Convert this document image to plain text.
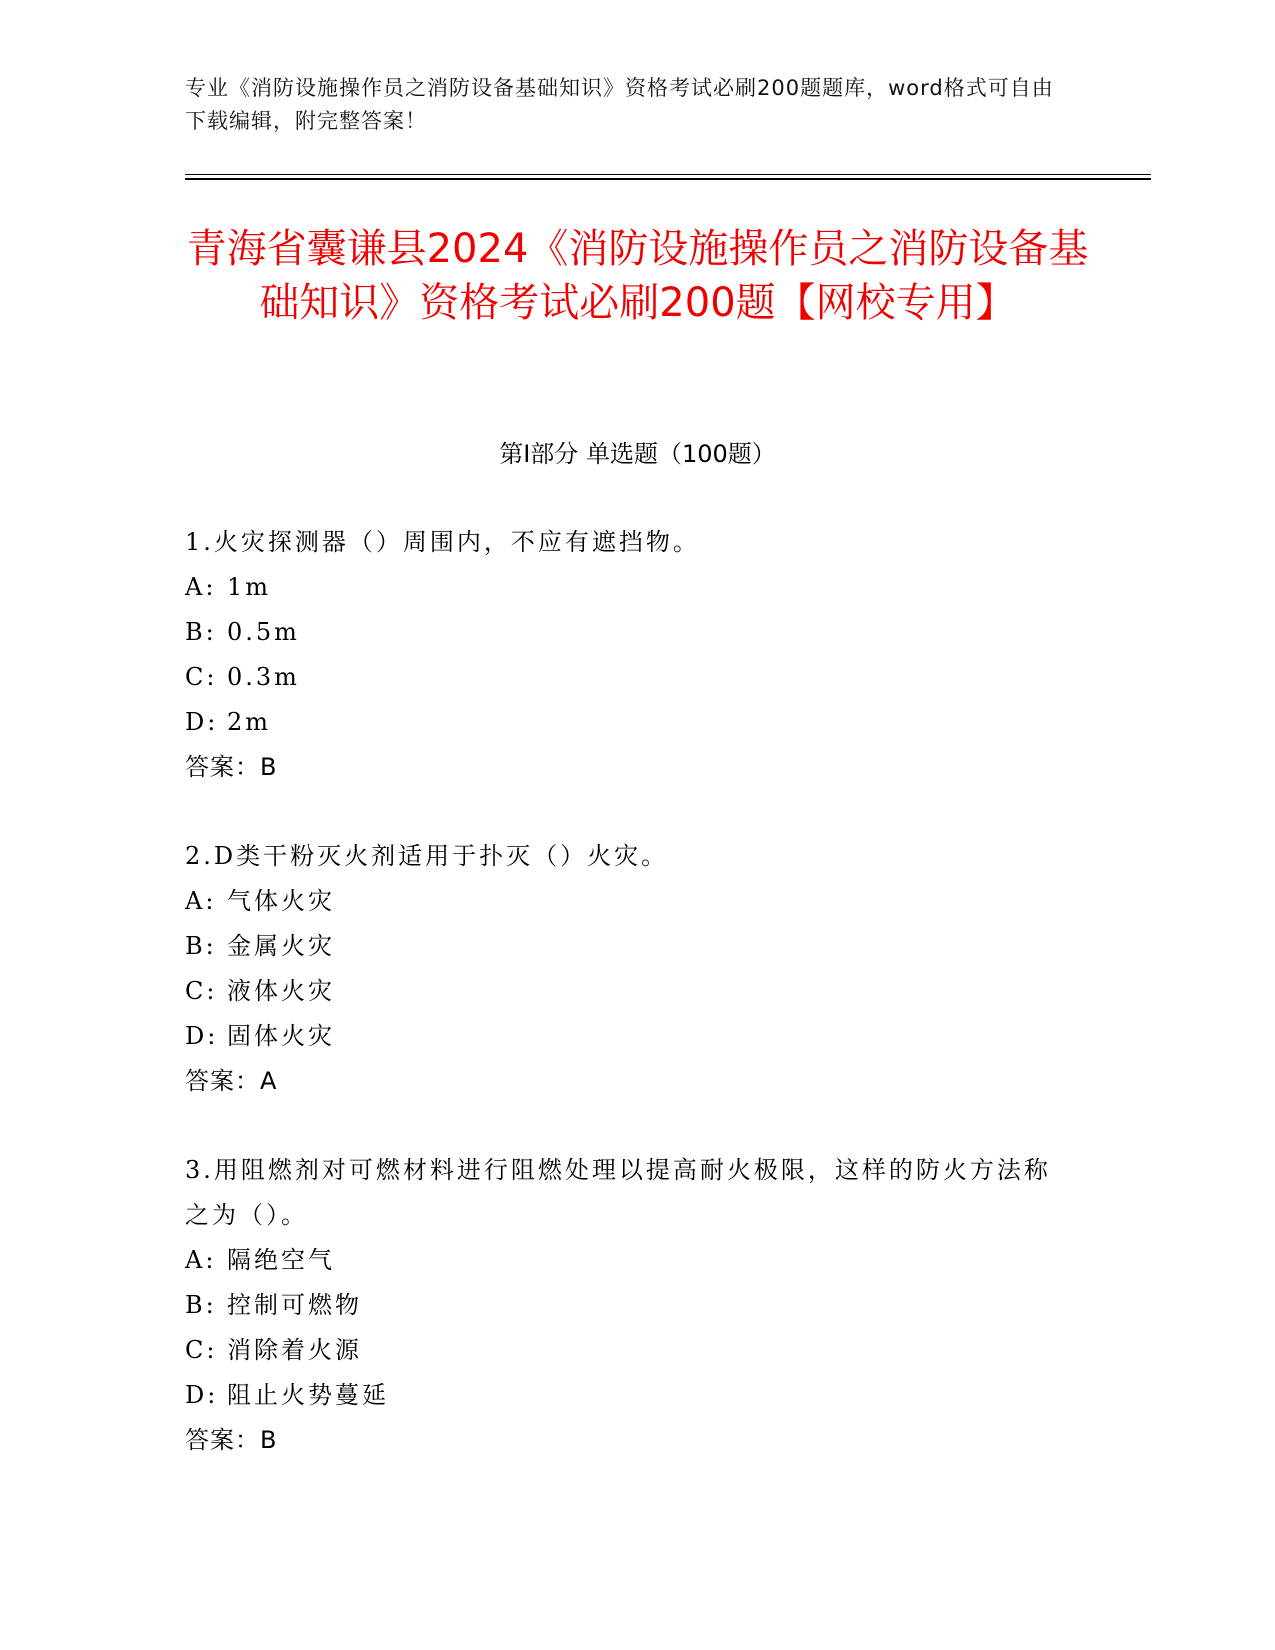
专业《消防设施操作员之消防设备基础知识》资格考试必刷200题题库，word格式可自由下载编辑，附完整答案！
青海省囊谦县2024《消防设施操作员之消防设备基础知识》资格考试必刷200题【网校专用】
第Ⅰ部分 单选题（100题）
1.火灾探测器（）周围内，不应有遮挡物。
A: 1m
B: 0.5m
C: 0.3m
D: 2m
答案：B
2.D类干粉灭火剂适用于扑灭（）火灾。
A: 气体火灾
B: 金属火灾
C: 液体火灾
D: 固体火灾
答案：A
3.用阻燃剂对可燃材料进行阻燃处理以提高耐火极限，这样的防火方法称之为（）。
A: 隔绝空气
B: 控制可燃物
C: 消除着火源
D: 阻止火势蔓延
答案：B
